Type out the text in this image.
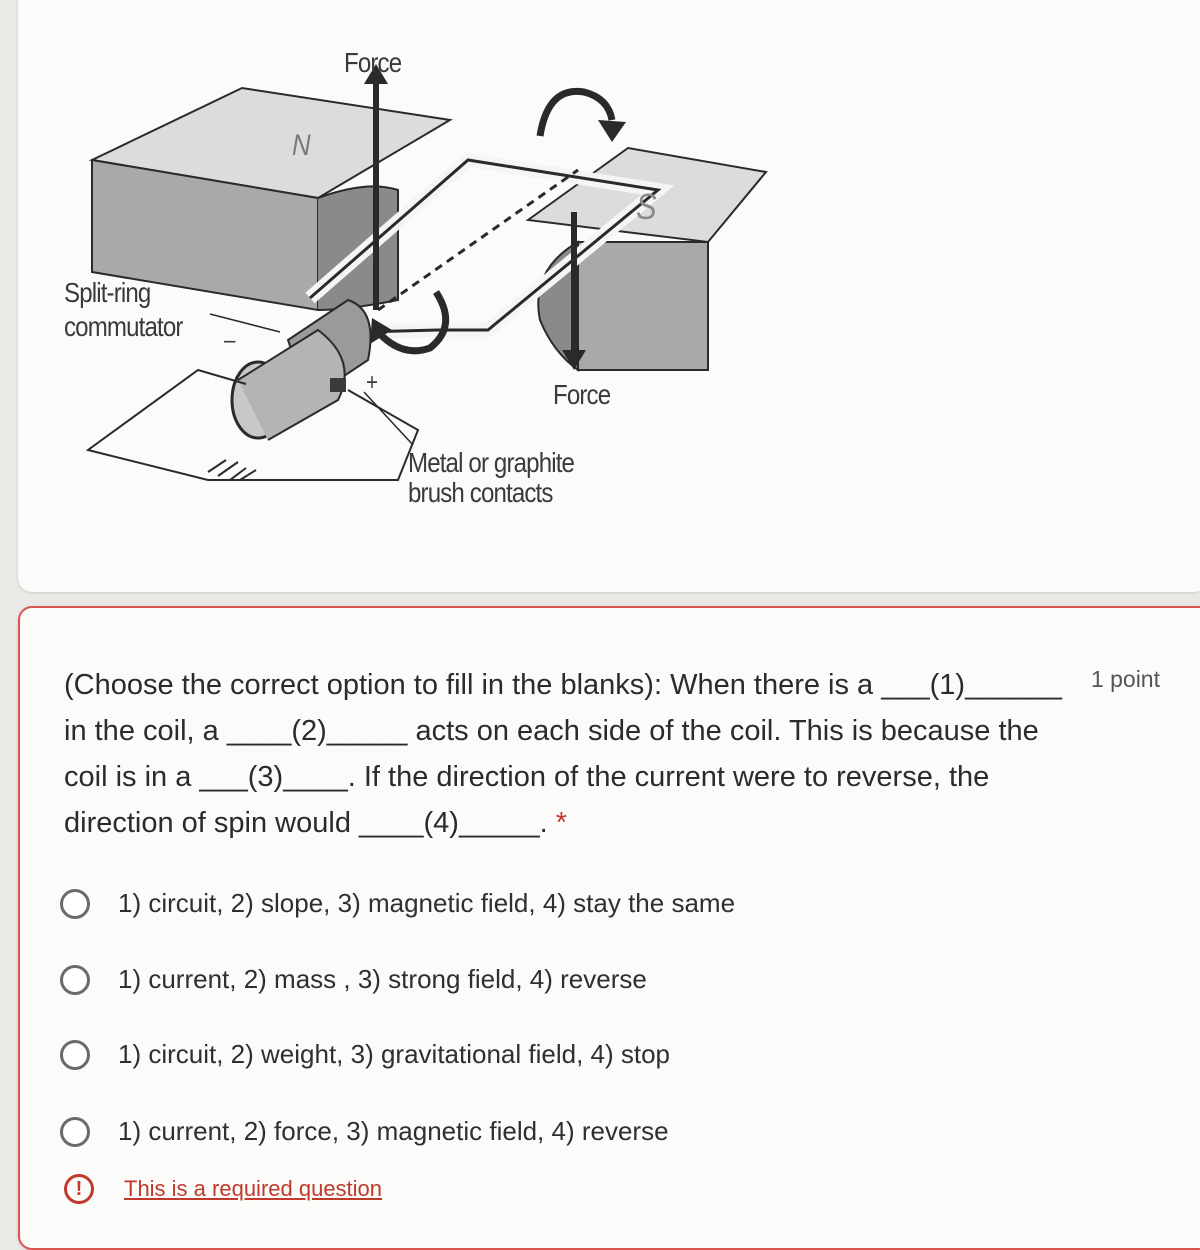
Force
Force
N
S
Split-ring
commutator
Metal or graphite
brush contacts
–
+
(Choose the correct option to fill in the blanks): When there is a ___(1)______ in the coil, a ____(2)_____ acts on each side of the coil. This is because the coil is in a ___(3)____. If the direction of the current were to reverse, the direction of spin would ____(4)_____. *
1 point
1) circuit, 2) slope, 3) magnetic field, 4) stay the same
1) current, 2) mass , 3) strong field, 4) reverse
1) circuit, 2) weight, 3) gravitational field, 4) stop
1) current, 2) force, 3) magnetic field, 4) reverse
!	This is a required question
